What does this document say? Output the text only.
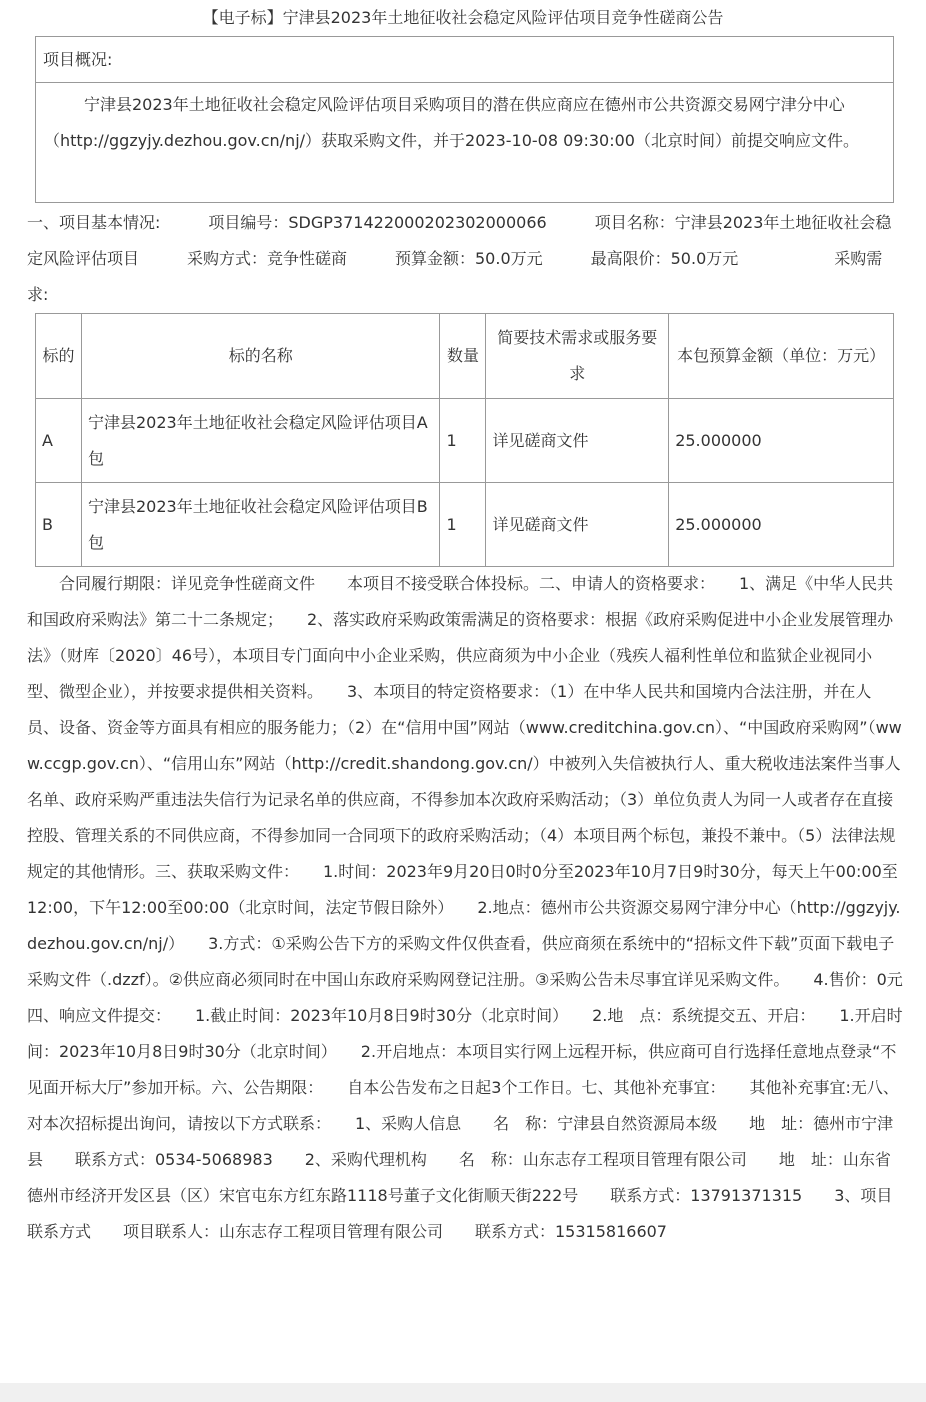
【电子标】宁津县2023年土地征收社会稳定风险评估项目竞争性磋商公告
项目概况:
宁津县2023年土地征收社会稳定风险评估项目采购项目的潜在供应商应在德州市公共资源交易网宁津分中心（http://ggzyjy.dezhou.gov.cn/nj/）获取采购文件，并于2023-10-08 09:30:00（北京时间）前提交响应文件。

一、项目基本情况:　　　项目编号：SDGP371422000202302000066　　　项目名称：宁津县2023年土地征收社会稳定风险评估项目　　　采购方式：竞争性磋商　　　预算金额：50.0万元　　　最高限价：50.0万元　　　　　　采购需求:

标的	标的名称	数量	简要技术需求或服务要求	本包预算金额（单位：万元）
A	宁津县2023年土地征收社会稳定风险评估项目A包	1	详见磋商文件	25.000000
B	宁津县2023年土地征收社会稳定风险评估项目B包	1	详见磋商文件	25.000000

　　合同履行期限：详见竞争性磋商文件　　本项目不接受联合体投标。二、申请人的资格要求：　　1、满足《中华人民共和国政府采购法》第二十二条规定；　　2、落实政府采购政策需满足的资格要求：根据《政府采购促进中小企业发展管理办法》（财库〔2020〕46号），本项目专门面向中小企业采购，供应商须为中小企业（残疾人福利性单位和监狱企业视同小型、微型企业），并按要求提供相关资料。　　3、本项目的特定资格要求：（1）在中华人民共和国境内合法注册，并在人员、设备、资金等方面具有相应的服务能力；（2）在“信用中国”网站（www.creditchina.gov.cn）、“中国政府采购网”（www.ccgp.gov.cn）、“信用山东”网站（http://credit.shandong.gov.cn/）中被列入失信被执行人、重大税收违法案件当事人名单、政府采购严重违法失信行为记录名单的供应商，不得参加本次政府采购活动；（3）单位负责人为同一人或者存在直接控股、管理关系的不同供应商，不得参加同一合同项下的政府采购活动；（4）本项目两个标包，兼投不兼中。（5）法律法规规定的其他情形。三、获取采购文件：　　1.时间：2023年9月20日0时0分至2023年10月7日9时30分，每天上午00:00至12:00，下午12:00至00:00（北京时间，法定节假日除外）　　2.地点：德州市公共资源交易网宁津分中心（http://ggzyjy.dezhou.gov.cn/nj/）　　3.方式：①采购公告下方的采购文件仅供查看，供应商须在系统中的“招标文件下载”页面下载电子采购文件（.dzzf）。②供应商必须同时在中国山东政府采购网登记注册。③采购公告未尽事宜详见采购文件。　　4.售价：0元四、响应文件提交：　　1.截止时间：2023年10月8日9时30分（北京时间）　　2.地　点：系统提交五、开启：　　1.开启时间：2023年10月8日9时30分（北京时间）　　2.开启地点：本项目实行网上远程开标，供应商可自行选择任意地点登录“不见面开标大厅”参加开标。六、公告期限：　　自本公告发布之日起3个工作日。七、其他补充事宜：　　其他补充事宜:无八、对本次招标提出询问，请按以下方式联系：　　1、采购人信息　　名　称：宁津县自然资源局本级　　地　址：德州市宁津县　　联系方式：0534-5068983　　2、采购代理机构　　名　称：山东志存工程项目管理有限公司　　地　址：山东省德州市经济开发区县（区）宋官屯东方红东路1118号董子文化街顺天街222号　　联系方式：13791371315　　3、项目联系方式　　项目联系人：山东志存工程项目管理有限公司　　联系方式：15315816607
